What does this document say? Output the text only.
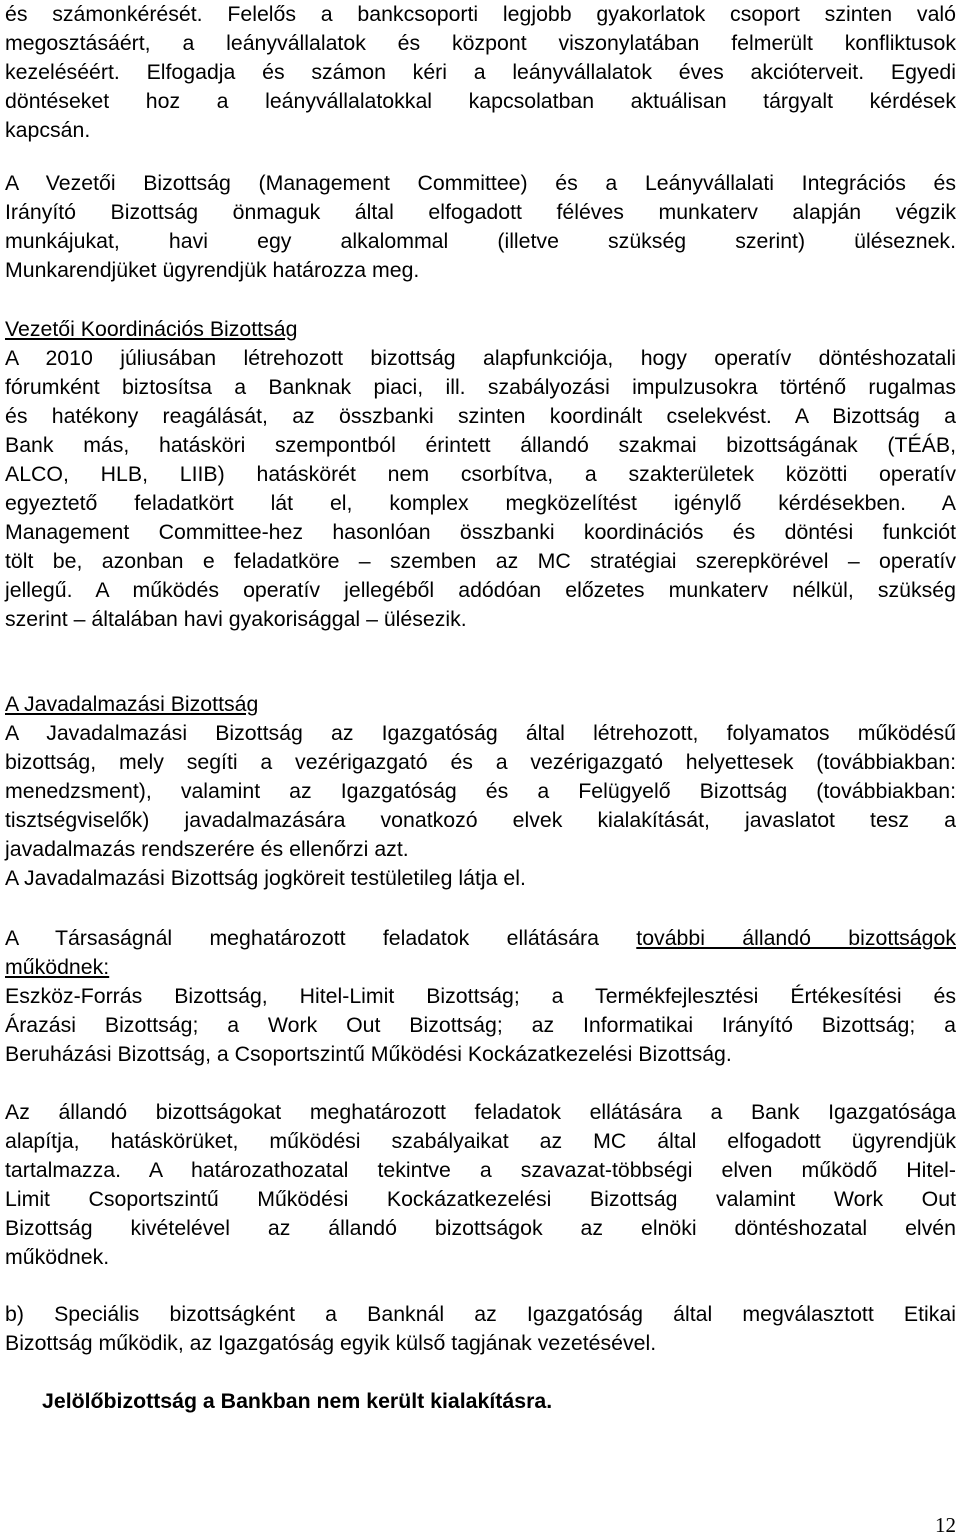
és számonkérését. Felelős a bankcsoporti legjobb gyakorlatok csoport szinten való
megosztásáért, a leányvállalatok és központ viszonylatában felmerült konfliktusok
kezeléséért. Elfogadja és számon kéri a leányvállalatok éves akcióterveit. Egyedi
döntéseket hoz a leányvállalatokkal kapcsolatban aktuálisan tárgyalt kérdések
kapcsán.
A Vezetői Bizottság (Management Committee) és a Leányvállalati Integrációs és
Irányító Bizottság önmaguk által elfogadott féléves munkaterv alapján végzik
munkájukat, havi egy alkalommal (illetve szükség szerint) üléseznek.
Munkarendjüket ügyrendjük határozza meg.
Vezetői Koordinációs Bizottság
A 2010 júliusában létrehozott bizottság alapfunkciója, hogy operatív döntéshozatali
fórumként biztosítsa a Banknak piaci, ill. szabályozási impulzusokra történő rugalmas
és hatékony reagálását, az összbanki szinten koordinált cselekvést. A Bizottság a
Bank más, hatásköri szempontból érintett állandó szakmai bizottságának (TÉÁB,
ALCO, HLB, LIIB) hatáskörét nem csorbítva, a szakterületek közötti operatív
egyeztető feladatkört lát el, komplex megközelítést igénylő kérdésekben. A
Management Committee-hez hasonlóan összbanki koordinációs és döntési funkciót
tölt be, azonban e feladatköre – szemben az MC stratégiai szerepkörével – operatív
jellegű. A működés operatív jellegéből adódóan előzetes munkaterv nélkül, szükség
szerint – általában havi gyakorisággal – ülésezik.
A Javadalmazási Bizottság
A Javadalmazási Bizottság az Igazgatóság által létrehozott, folyamatos működésű
bizottság, mely segíti a vezérigazgató és a vezérigazgató helyettesek (továbbiakban:
menedzsment), valamint az Igazgatóság és a Felügyelő Bizottság (továbbiakban:
tisztségviselők) javadalmazására vonatkozó elvek kialakítását, javaslatot tesz a
javadalmazás rendszerére és ellenőrzi azt.
A Javadalmazási Bizottság jogköreit testületileg látja el.
A Társaságnál meghatározott feladatok ellátására további állandó bizottságok
működnek:
Eszköz-Forrás Bizottság, Hitel-Limit Bizottság; a Termékfejlesztési Értékesítési és
Árazási Bizottság; a Work Out Bizottság; az Informatikai Irányító Bizottság; a
Beruházási Bizottság, a Csoportszintű Működési Kockázatkezelési Bizottság.
Az állandó bizottságokat meghatározott feladatok ellátására a Bank Igazgatósága
alapítja, hatáskörüket, működési szabályaikat az MC által elfogadott ügyrendjük
tartalmazza. A határozathozatal tekintve a szavazat-többségi elven működő Hitel-
Limit Csoportszintű Működési Kockázatkezelési Bizottság valamint Work Out
Bizottság kivételével az állandó bizottságok az elnöki döntéshozatal elvén
működnek.
b) Speciális bizottságként a Banknál az Igazgatóság által megválasztott Etikai
Bizottság működik, az Igazgatóság egyik külső tagjának vezetésével.
Jelölőbizottság a Bankban nem került kialakításra.
12
